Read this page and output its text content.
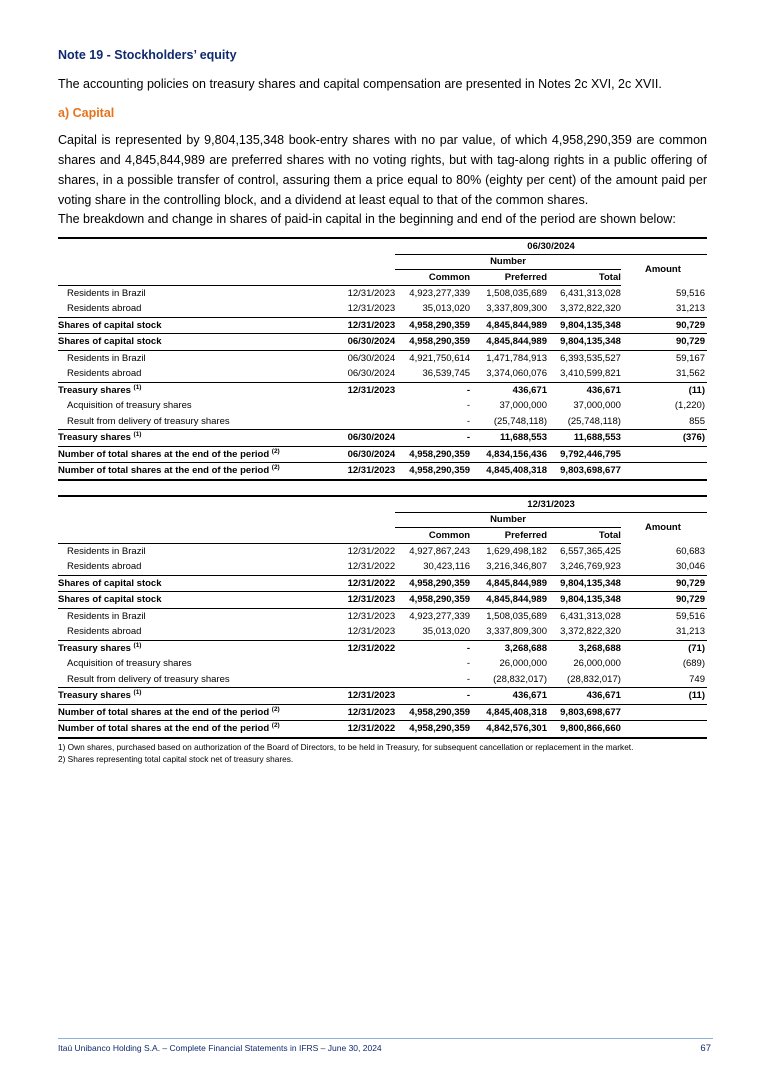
Note 19 - Stockholders’ equity
The accounting policies on treasury shares and capital compensation are presented in Notes 2c XVI, 2c XVII.
a) Capital
Capital is represented by 9,804,135,348 book-entry shares with no par value, of which 4,958,290,359 are common shares and 4,845,844,989 are preferred shares with no voting rights, but with tag-along rights in a public offering of shares, in a possible transfer of control, assuring them a price equal to 80% (eighty per cent) of the amount paid per voting share in the controlling block, and a dividend at least equal to that of the common shares.
The breakdown and change in shares of paid-in capital in the beginning and end of the period are shown below:
		06/30/2024			
		Number			Amount
		Common	Preferred	Total	
Residents in Brazil	12/31/2023	4,923,277,339	1,508,035,689	6,431,313,028	59,516
Residents abroad	12/31/2023	35,013,020	3,337,809,300	3,372,822,320	31,213
Shares of capital stock	12/31/2023	4,958,290,359	4,845,844,989	9,804,135,348	90,729
Shares of capital stock	06/30/2024	4,958,290,359	4,845,844,989	9,804,135,348	90,729
Residents in Brazil	06/30/2024	4,921,750,614	1,471,784,913	6,393,535,527	59,167
Residents abroad	06/30/2024	36,539,745	3,374,060,076	3,410,599,821	31,562
Treasury shares $^{(1)}$	12/31/2023	-	436,671	436,671	(11)
Acquisition of treasury shares		-	37,000,000	37,000,000	(1,220)
Result from delivery of treasury shares		-	(25,748,118)	(25,748,118)	855
Treasury shares $^{(1)}$	06/30/2024	-	11,688,553	11,688,553	(376)
Number of total shares at the end of the period $^{(2)}$	06/30/2024	4,958,290,359	4,834,156,436	9,792,446,795	
Number of total shares at the end of the period $^{(2)}$	12/31/2023	4,958,290,359	4,845,408,318	9,803,698,677	
		12/31/2023			
		Number			Amount
		Common	Preferred	Total	
Residents in Brazil	12/31/2022	4,927,867,243	1,629,498,182	6,557,365,425	60,683
Residents abroad	12/31/2022	30,423,116	3,216,346,807	3,246,769,923	30,046
Shares of capital stock	12/31/2022	4,958,290,359	4,845,844,989	9,804,135,348	90,729
Shares of capital stock	12/31/2023	4,958,290,359	4,845,844,989	9,804,135,348	90,729
Residents in Brazil	12/31/2023	4,923,277,339	1,508,035,689	6,431,313,028	59,516
Residents abroad	12/31/2023	35,013,020	3,337,809,300	3,372,822,320	31,213
Treasury shares $^{(1)}$	12/31/2022	-	3,268,688	3,268,688	(71)
Acquisition of treasury shares		-	26,000,000	26,000,000	(689)
Result from delivery of treasury shares		-	(28,832,017)	(28,832,017)	749
Treasury shares $^{(1)}$	12/31/2023	-	436,671	436,671	(11)
Number of total shares at the end of the period $^{(2)}$	12/31/2023	4,958,290,359	4,845,408,318	9,803,698,677	
Number of total shares at the end of the period $^{(2)}$	12/31/2022	4,958,290,359	4,842,576,301	9,800,866,660	
1) Own shares, purchased based on authorization of the Board of Directors, to be held in Treasury, for subsequent cancellation or replacement in the market.
2) Shares representing total capital stock net of treasury shares.
Itaú Unibanco Holding S.A. – Complete Financial Statements in IFRS – June 30, 2024	67
